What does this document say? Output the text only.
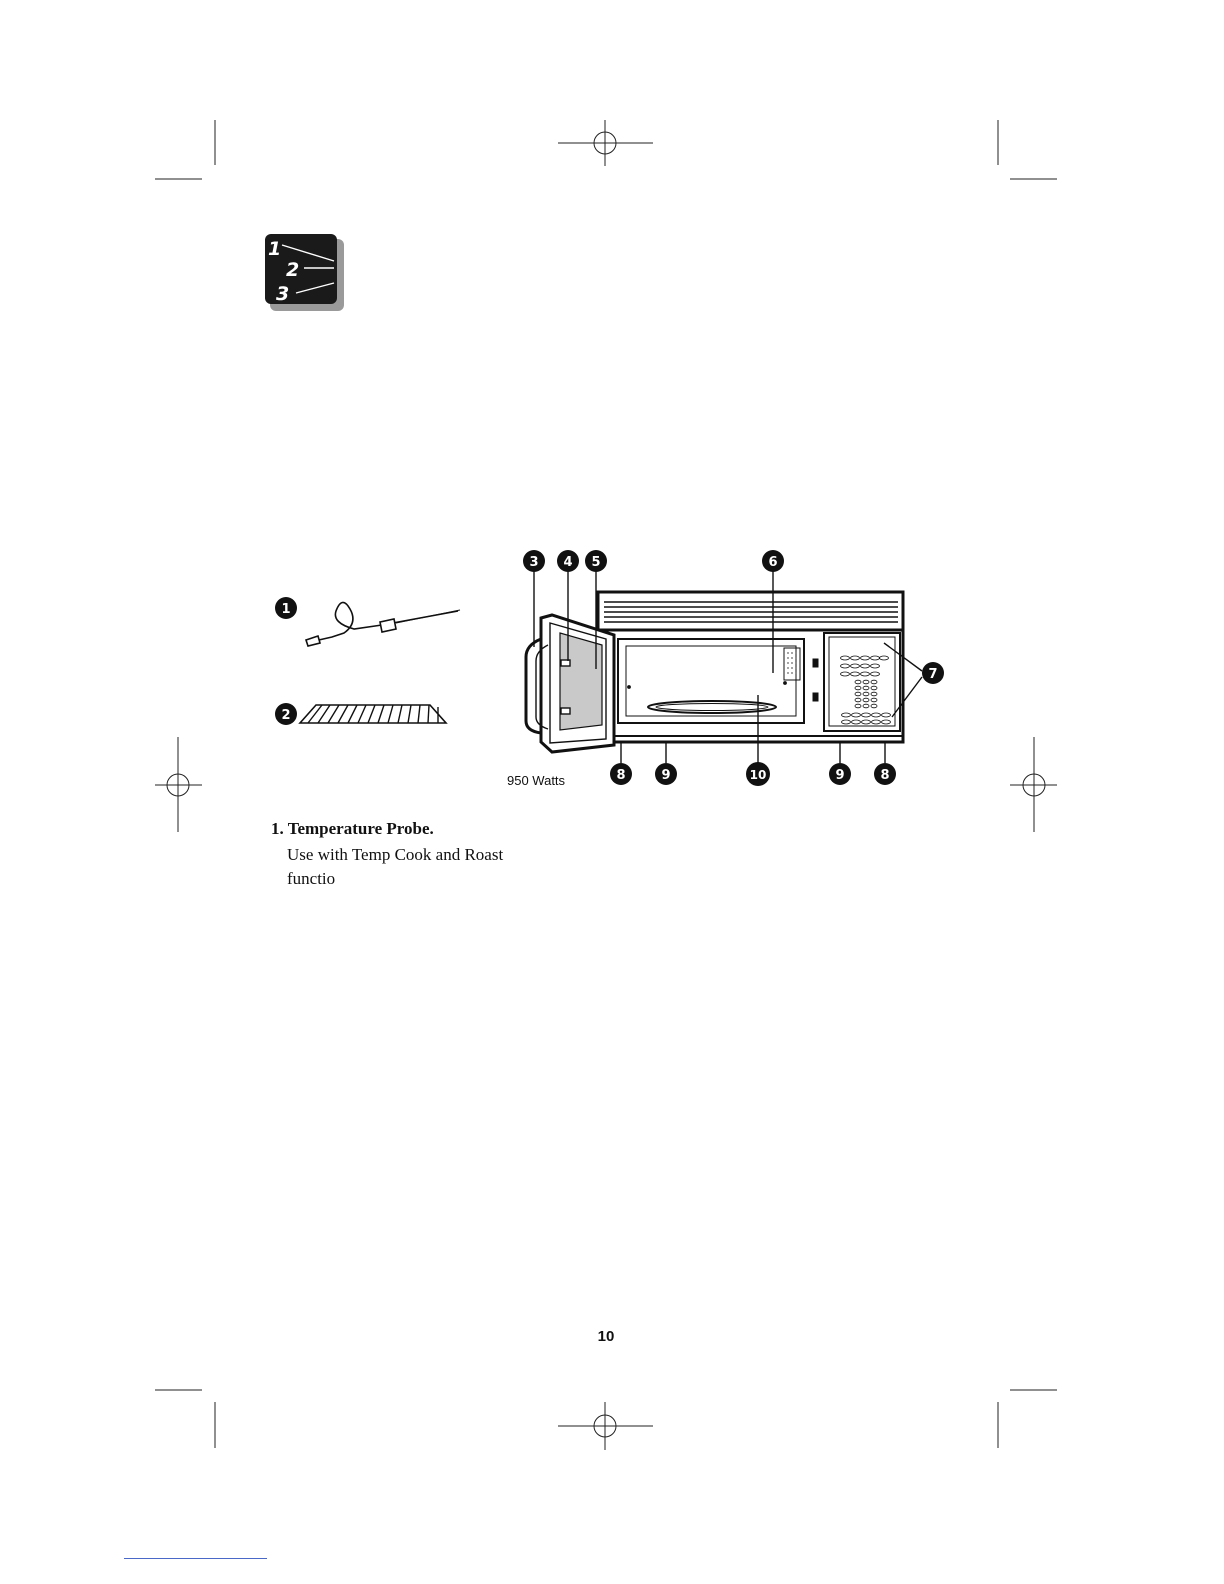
1
2
3
1
2
3 4 5	6
7
8	9	10	9	8
950 Watts
1. Temperature Probe.
Use with Temp Cook and Roast functio
10
